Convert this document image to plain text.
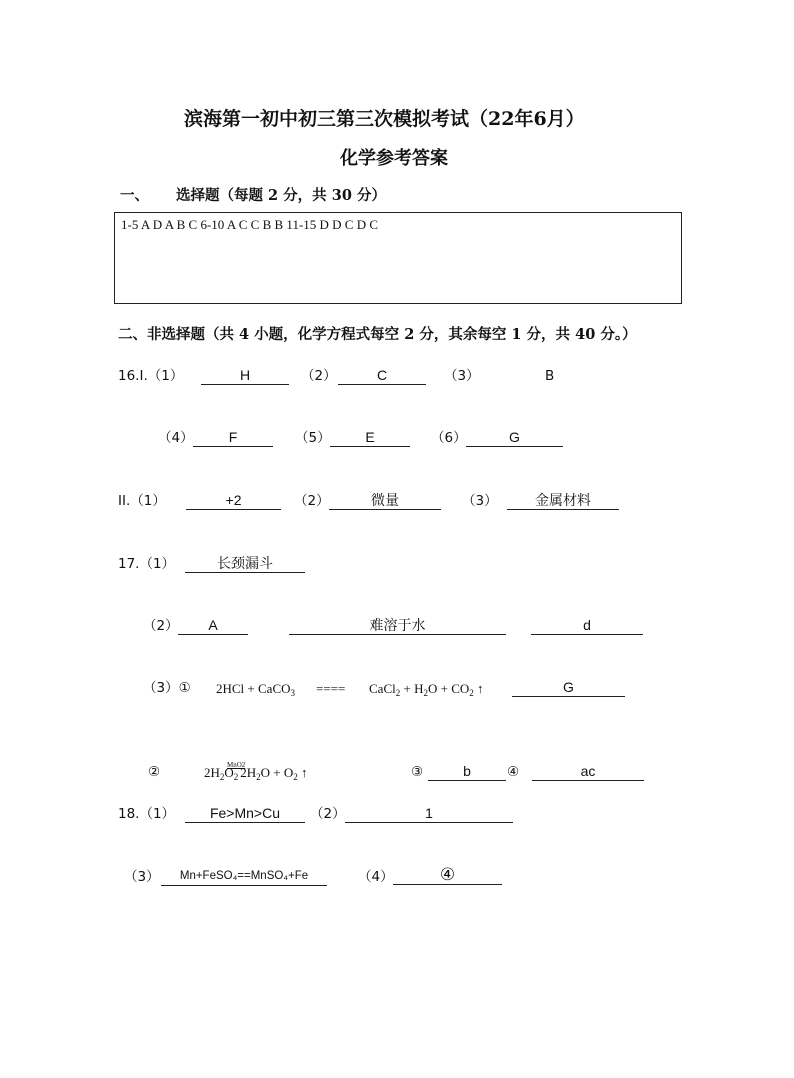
滨海第一初中初三第三次模拟考试（22年6月）
化学参考答案
一、 选择题（每题 2 分，共 30 分）
1-5 A D A B C 6-10 A C C B B 11-15 D D C D C
二、非选择题（共 4 小题，化学方程式每空 2 分，其余每空 1 分，共 40 分。）
16.I.（1）	H	（2）	C	（3）	B
（4）	F	（5）	E	（6）	G
II.（1）	+2	（2）	微量	（3）	金属材料
17.（1）	长颈漏斗
（2）	A	难溶于水	d
（3）① 2HCl + CaCO$_3$ ==== CaCl$_2$ + $H_2O + CO_2$ ↑	G
②	$2H_2O_2$ $2H_2O + O_2$ ↑
MnO2	③	b	④	ac
18.（1）	Fe>Mn>Cu	（2）	1
（3）	Mn+FeSO₄==MnSO₄+Fe	（4）	④
